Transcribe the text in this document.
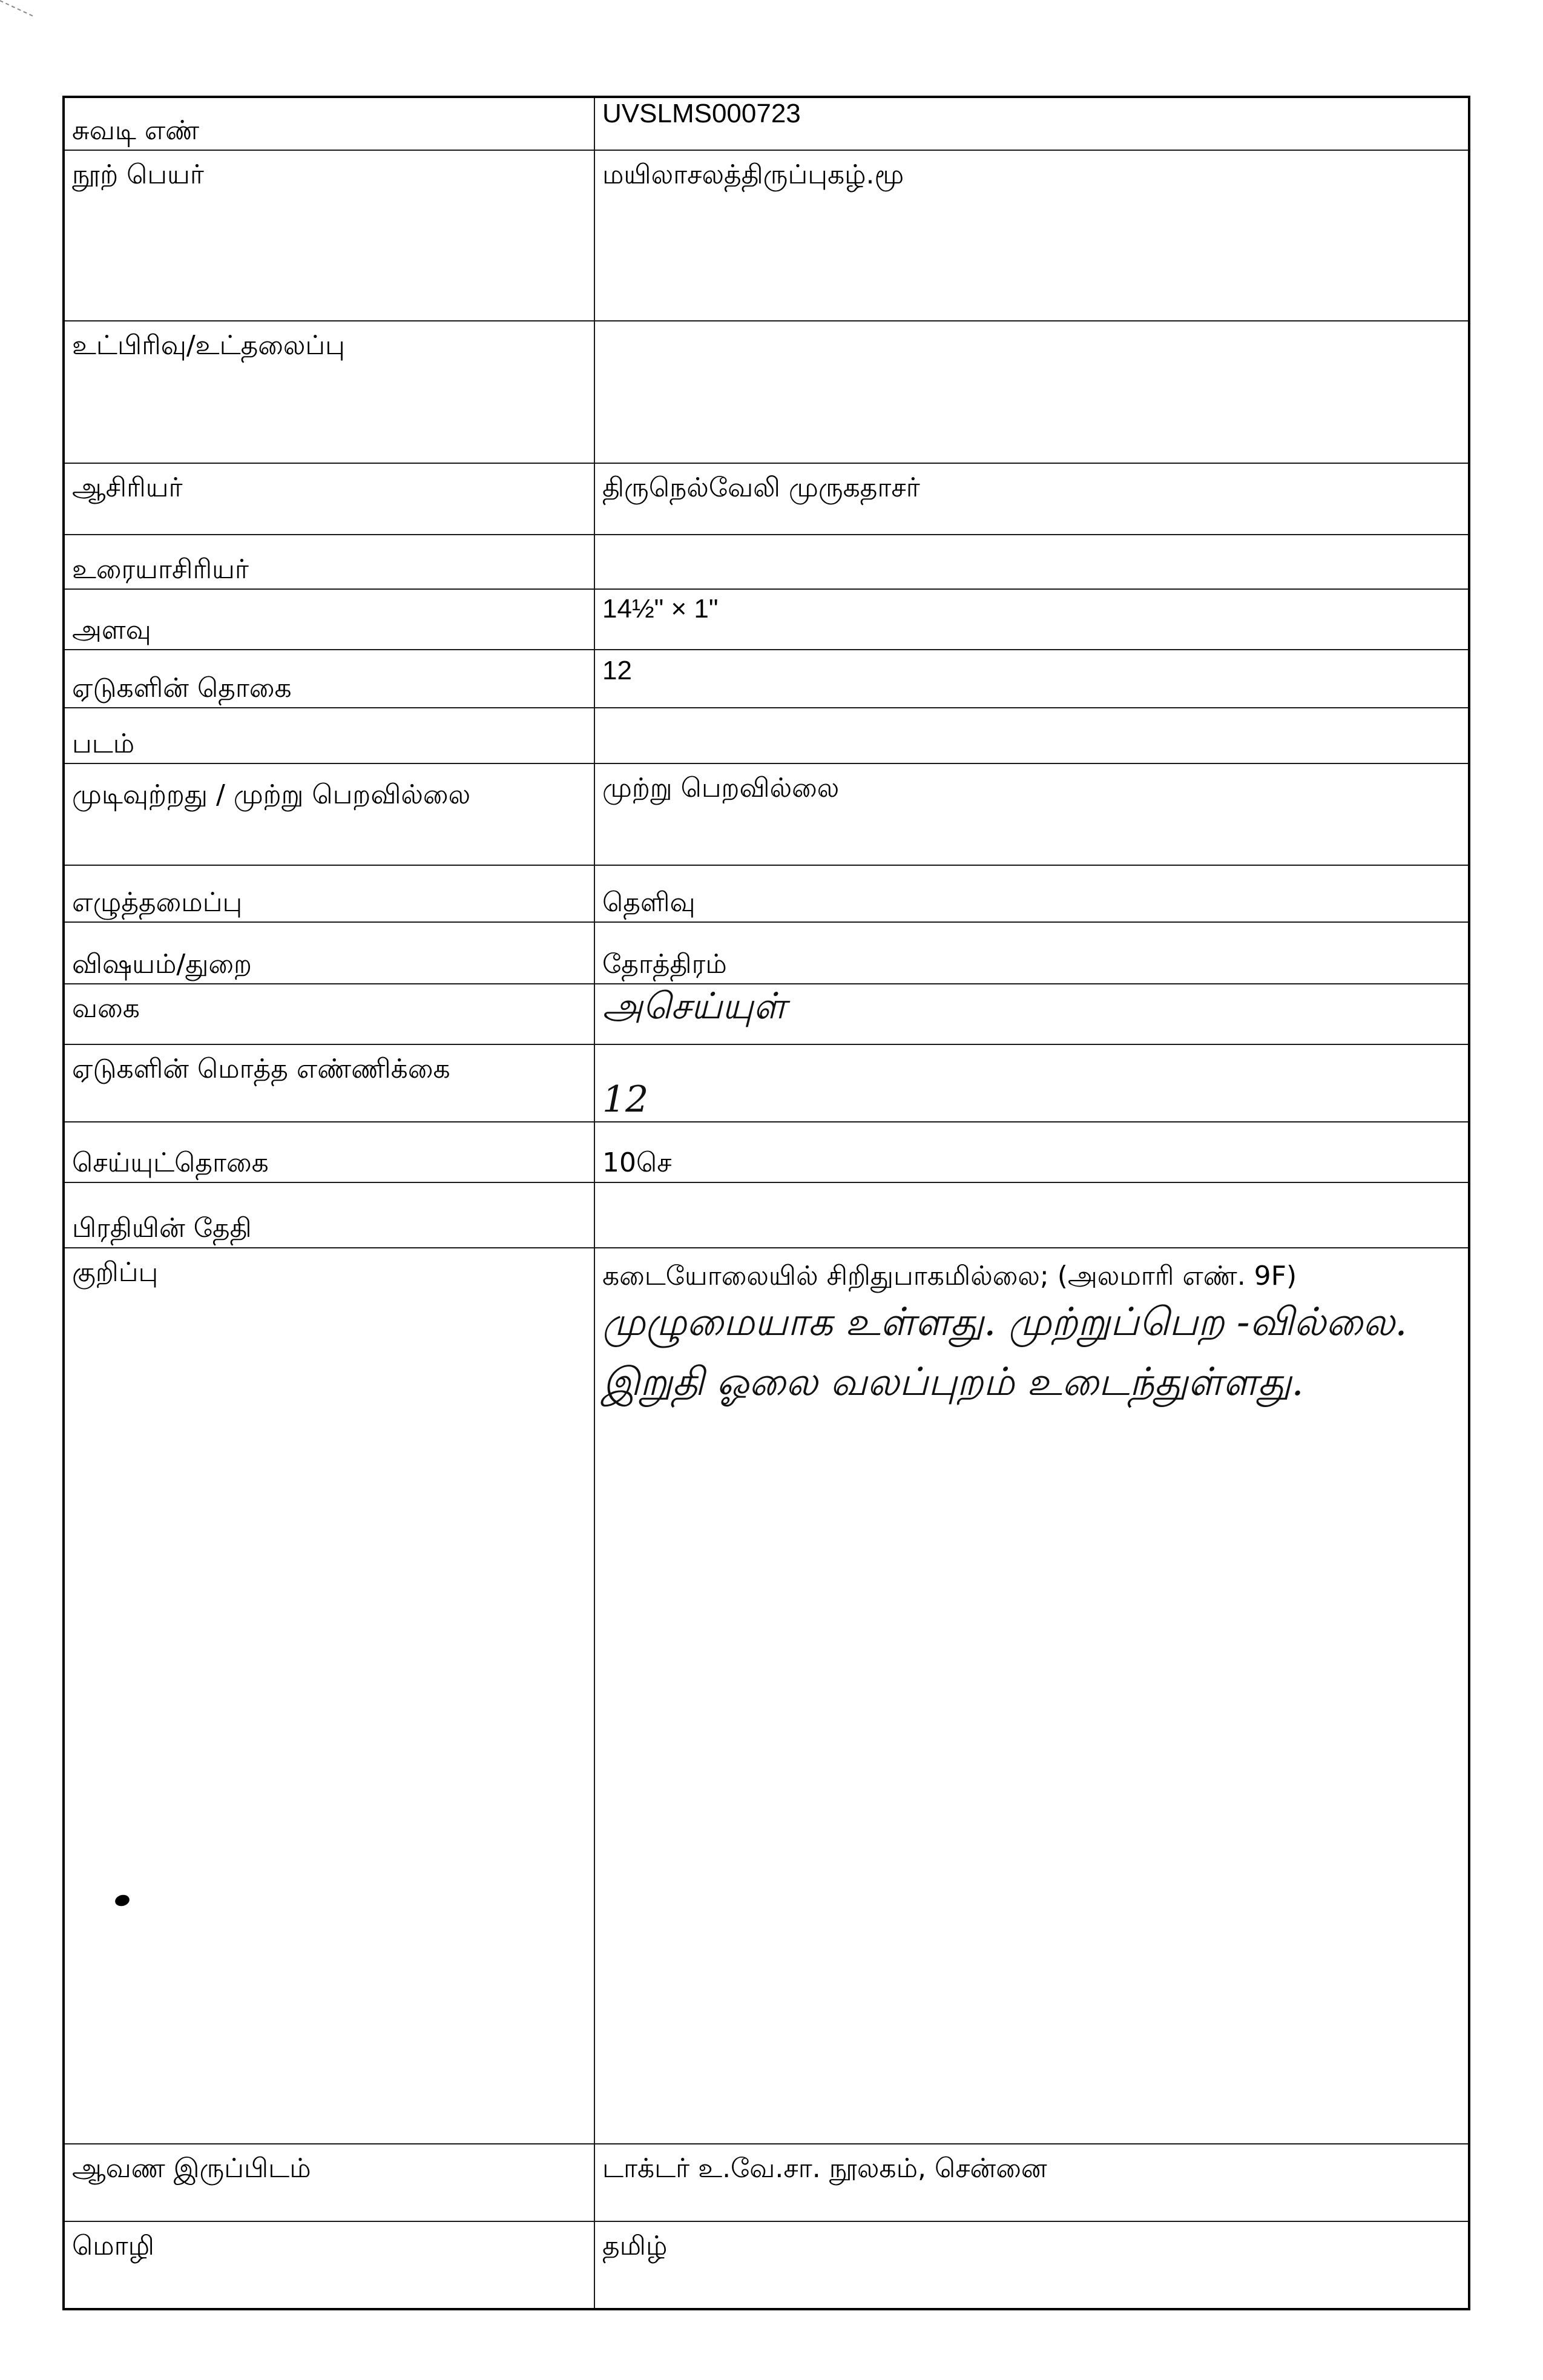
சுவடி எண்	UVSLMS000723
நூற் பெயர்	மயிலாசலத்திருப்புகழ்.மூ
உட்பிரிவு/உட்தலைப்பு	
ஆசிரியர்	திருநெல்வேலி முருகதாசர்
உரையாசிரியர்	
அளவு	14½" × 1"
ஏடுகளின் தொகை	12
படம்	
முடிவுற்றது / முற்று பெறவில்லை	முற்று பெறவில்லை
எழுத்தமைப்பு	தெளிவு
விஷயம்/துறை	தோத்திரம்
வகை	அசெய்யுள்
ஏடுகளின் மொத்த எண்ணிக்கை	12
செய்யுட்தொகை	10செ
பிரதியின் தேதி	
குறிப்பு	கடையோலையில் சிறிதுபாகமில்லை; (அலமாரி எண். 9F)
முழுமையாக உள்ளது. முற்றுப்பெற -வில்லை. இறுதி ஓலை வலப்புறம் உடைந்துள்ளது.

ஆவண இருப்பிடம்	டாக்டர் உ.வே.சா. நூலகம், சென்னை
மொழி	தமிழ்
